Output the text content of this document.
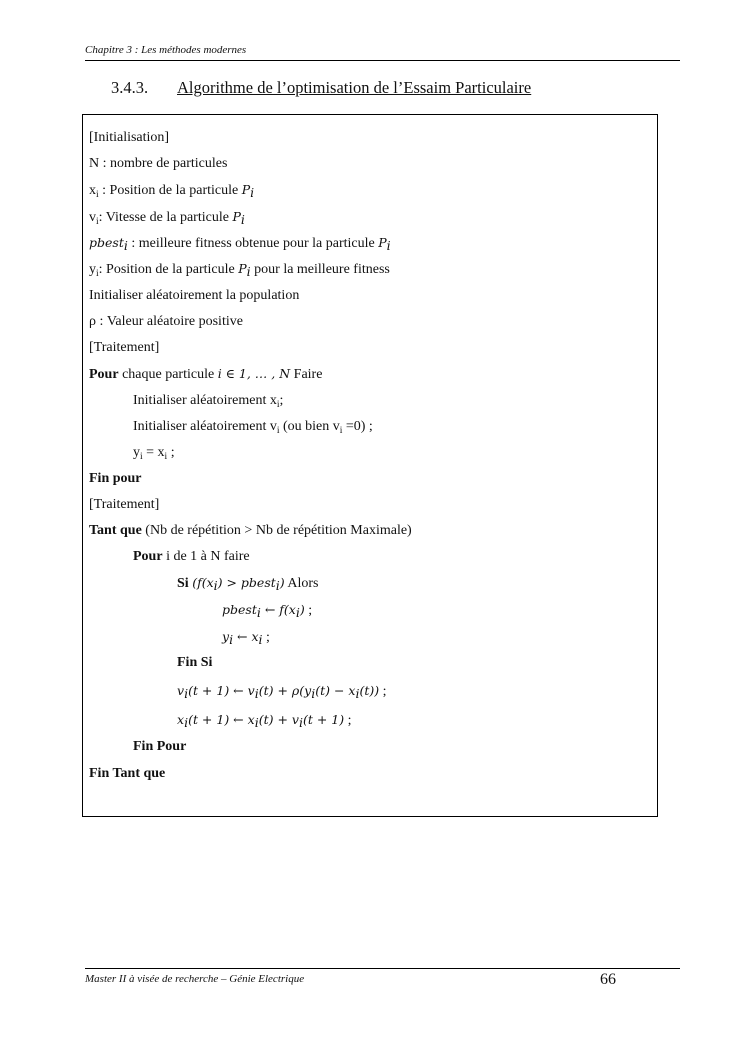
Chapitre 3 : Les méthodes modernes
3.4.3. Algorithme de l’optimisation de l’Essaim Particulaire
[Initialisation]
N : nombre de particules
$x_i$ : Position de la particule $P_i$
$v_i$: Vitesse de la particule $P_i$
pbest$_i$ : meilleure fitness obtenue pour la particule $P_i$
$y_i$: Position de la particule $P_i$ pour la meilleure fitness
Initialiser aléatoirement la population
ρ : Valeur aléatoire positive
[Traitement]
Pour chaque particule i ∈ 1, … , N Faire
Initialiser aléatoirement $x_i$;
Initialiser aléatoirement $v_i$ (ou bien $v_i =0$) ;
$y_i = x_i$ ;
Fin pour
[Traitement]
Tant que (Nb de répétition > Nb de répétition Maximale)
Pour i de 1 à N faire
Si ($f(x_i)$ > pbest$_i$) Alors
pbest$_i$ ← $f(x_i)$ ;
$y_i$ ← $x_i$ ;
Fin Si
$v_i(t + 1)$ ← $v_i(t) + \rho(y_i(t) - x_i(t))$ ;
$x_i(t + 1)$ ← $x_i(t) + v_i(t + 1)$ ;
Fin Pour
Fin Tant que
Master II à visée de recherche – Génie Electrique	66
